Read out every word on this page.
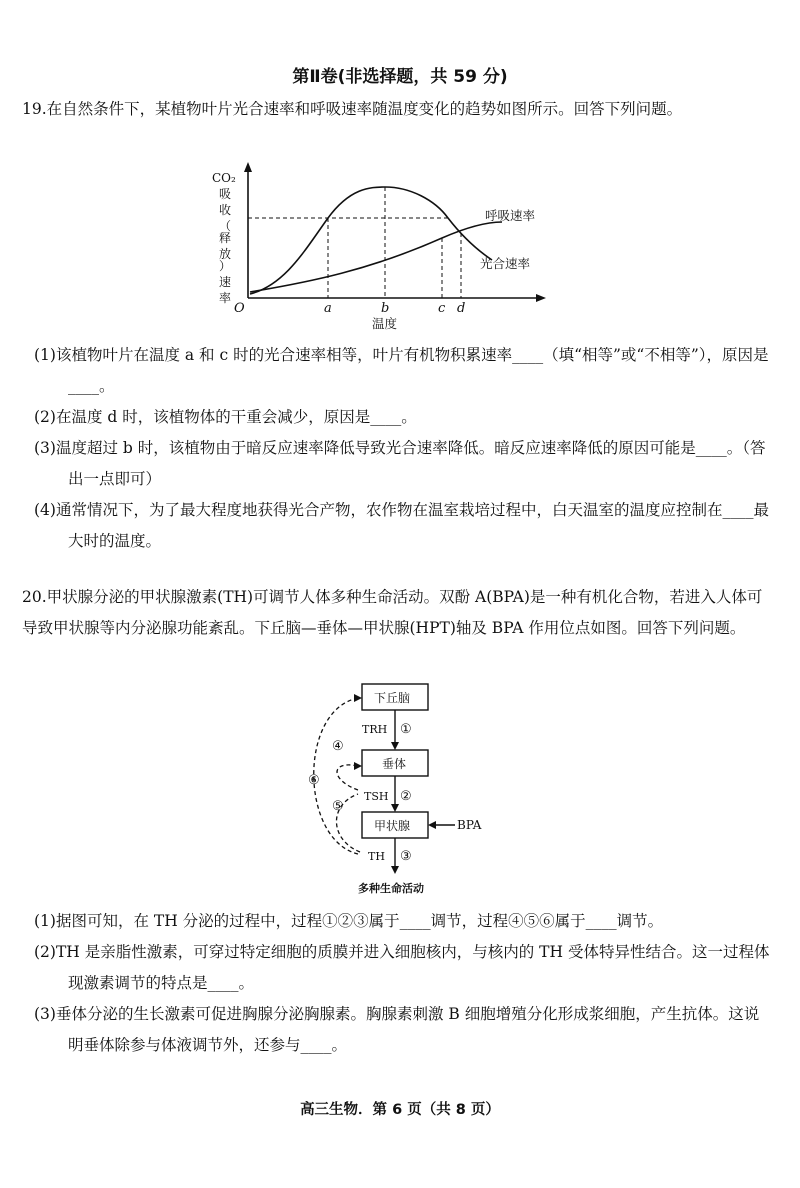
第Ⅱ卷(非选择题，共 59 分)
19.在自然条件下，某植物叶片光合速率和呼吸速率随温度变化的趋势如图所示。回答下列问题。
CO₂
吸
收
（
释
放
）
速
率
O	a	b	c d
温度
呼吸速率
光合速率
(1)该植物叶片在温度 a 和 c 时的光合速率相等，叶片有机物积累速率____（填“相等”或“不相等”），原因是____。
(2)在温度 d 时，该植物体的干重会减少，原因是____。
(3)温度超过 b 时，该植物由于暗反应速率降低导致光合速率降低。暗反应速率降低的原因可能是____。（答出一点即可）
(4)通常情况下，为了最大程度地获得光合产物，农作物在温室栽培过程中，白天温室的温度应控制在____最大时的温度。
20.甲状腺分泌的甲状腺激素(TH)可调节人体多种生命活动。双酚 A(BPA)是一种有机化合物，若进入人体可导致甲状腺等内分泌腺功能紊乱。下丘脑—垂体—甲状腺(HPT)轴及 BPA 作用位点如图。回答下列问题。
下丘脑
垂体
甲状腺
TRH ①
TSH ②
TH ③
BPA
④
⑤
⑥
多种生命活动
(1)据图可知，在 TH 分泌的过程中，过程①②③属于____调节，过程④⑤⑥属于____调节。
(2)TH 是亲脂性激素，可穿过特定细胞的质膜并进入细胞核内，与核内的 TH 受体特异性结合。这一过程体现激素调节的特点是____。
(3)垂体分泌的生长激素可促进胸腺分泌胸腺素。胸腺素刺激 B 细胞增殖分化形成浆细胞，产生抗体。这说明垂体除参与体液调节外，还参与____。
高三生物．第 6 页（共 8 页）
